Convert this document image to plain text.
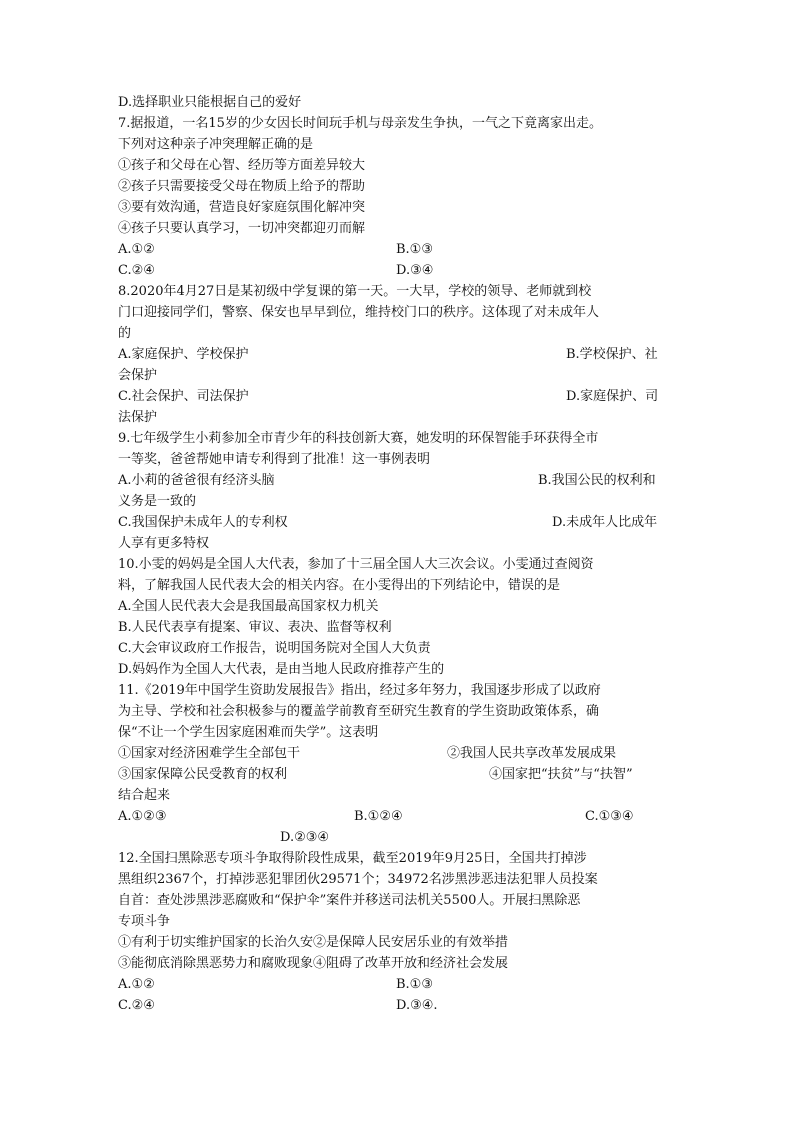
D.选择职业只能根据自己的爱好
7.据报道，一名15岁的少女因长时间玩手机与母亲发生争执，一气之下竟离家出走。
下列对这种亲子冲突理解正确的是
①孩子和父母在心智、经历等方面差异较大
②孩子只需要接受父母在物质上给予的帮助
③要有效沟通，营造良好家庭氛围化解冲突
④孩子只要认真学习，一切冲突都迎刃而解
A.①②	B.①③
C.②④	D.③④
8.2020年4月27日是某初级中学复课的第一天。一大早，学校的领导、老师就到校
门口迎接同学们，警察、保安也早早到位，维持校门口的秩序。这体现了对未成年人
的
A.家庭保护、学校保护	B.学校保护、社
会保护
C.社会保护、司法保护	D.家庭保护、司
法保护
9.七年级学生小莉参加全市青少年的科技创新大赛，她发明的环保智能手环获得全市
一等奖，爸爸帮她申请专利得到了批准！这一事例表明
A.小莉的爸爸很有经济头脑	B.我国公民的权利和
义务是一致的
C.我国保护未成年人的专利权	D.未成年人比成年
人享有更多特权
10.小雯的妈妈是全国人大代表，参加了十三届全国人大三次会议。小雯通过查阅资
料，了解我国人民代表大会的相关内容。在小雯得出的下列结论中，错误的是
A.全国人民代表大会是我国最高国家权力机关
B.人民代表享有提案、审议、表决、监督等权利
C.大会审议政府工作报告，说明国务院对全国人大负责
D.妈妈作为全国人大代表，是由当地人民政府推荐产生的
11.《2019年中国学生资助发展报告》指出，经过多年努力，我国逐步形成了以政府
为主导、学校和社会积极参与的覆盖学前教育至研究生教育的学生资助政策体系，确
保“不让一个学生因家庭困难而失学”。这表明
①国家对经济困难学生全部包干	②我国人民共享改革发展成果
③国家保障公民受教育的权利	④国家把“扶贫”与“扶智”
结合起来
A.①②③	B.①②④	C.①③④
D.②③④
12.全国扫黑除恶专项斗争取得阶段性成果，截至2019年9月25日，全国共打掉涉
黑组织2367个，打掉涉恶犯罪团伙29571个；34972名涉黑涉恶违法犯罪人员投案
自首：查处涉黑涉恶腐败和“保护伞”案件并移送司法机关5500人。开展扫黑除恶
专项斗争
①有利于切实维护国家的长治久安②是保障人民安居乐业的有效举措
③能彻底消除黑恶势力和腐败现象④阻碍了改革开放和经济社会发展
A.①②	B.①③
C.②④	D.③④.
